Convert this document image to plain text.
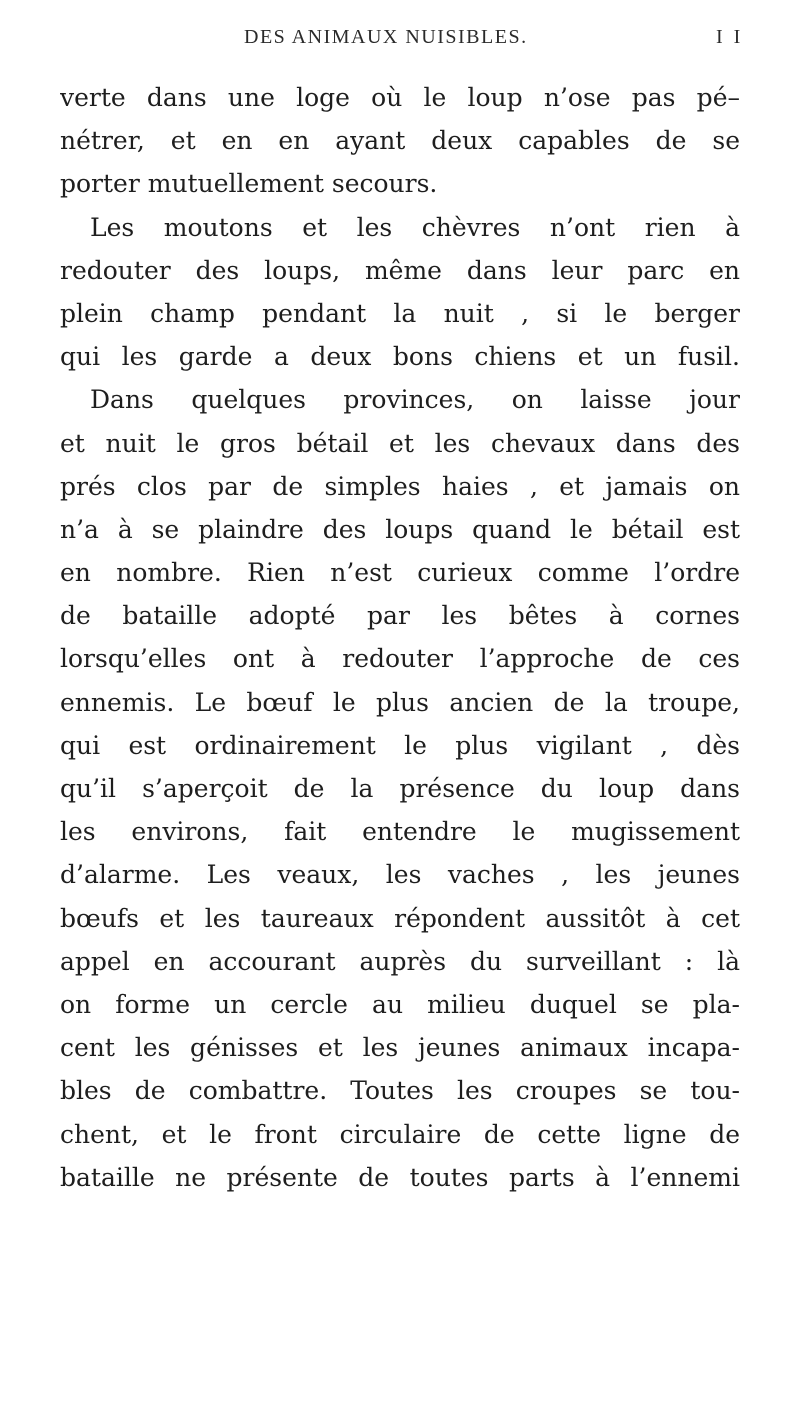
DES ANIMAUX NUISIBLES.	I I
verte dans une loge où le loup n’ose pas pé–
nétrer, et en en ayant deux capables de se
porter mutuellement secours.
Les moutons et les chèvres n’ont rien à
redouter des loups, même dans leur parc en
plein champ pendant la nuit , si le berger
qui les garde a deux bons chiens et un fusil.
Dans quelques provinces, on laisse jour
et nuit le gros bétail et les chevaux dans des
prés clos par de simples haies , et jamais on
n’a à se plaindre des loups quand le bétail est
en nombre. Rien n’est curieux comme l’ordre
de bataille adopté par les bêtes à cornes
lorsqu’elles ont à redouter l’approche de ces
ennemis. Le bœuf le plus ancien de la troupe,
qui est ordinairement le plus vigilant , dès
qu’il s’aperçoit de la présence du loup dans
les environs, fait entendre le mugissement
d’alarme. Les veaux, les vaches , les jeunes
bœufs et les taureaux répondent aussitôt à cet
appel en accourant auprès du surveillant : là
on forme un cercle au milieu duquel se pla-
cent les génisses et les jeunes animaux incapa-
bles de combattre. Toutes les croupes se tou-
chent, et le front circulaire de cette ligne de
bataille ne présente de toutes parts à l’ennemi
